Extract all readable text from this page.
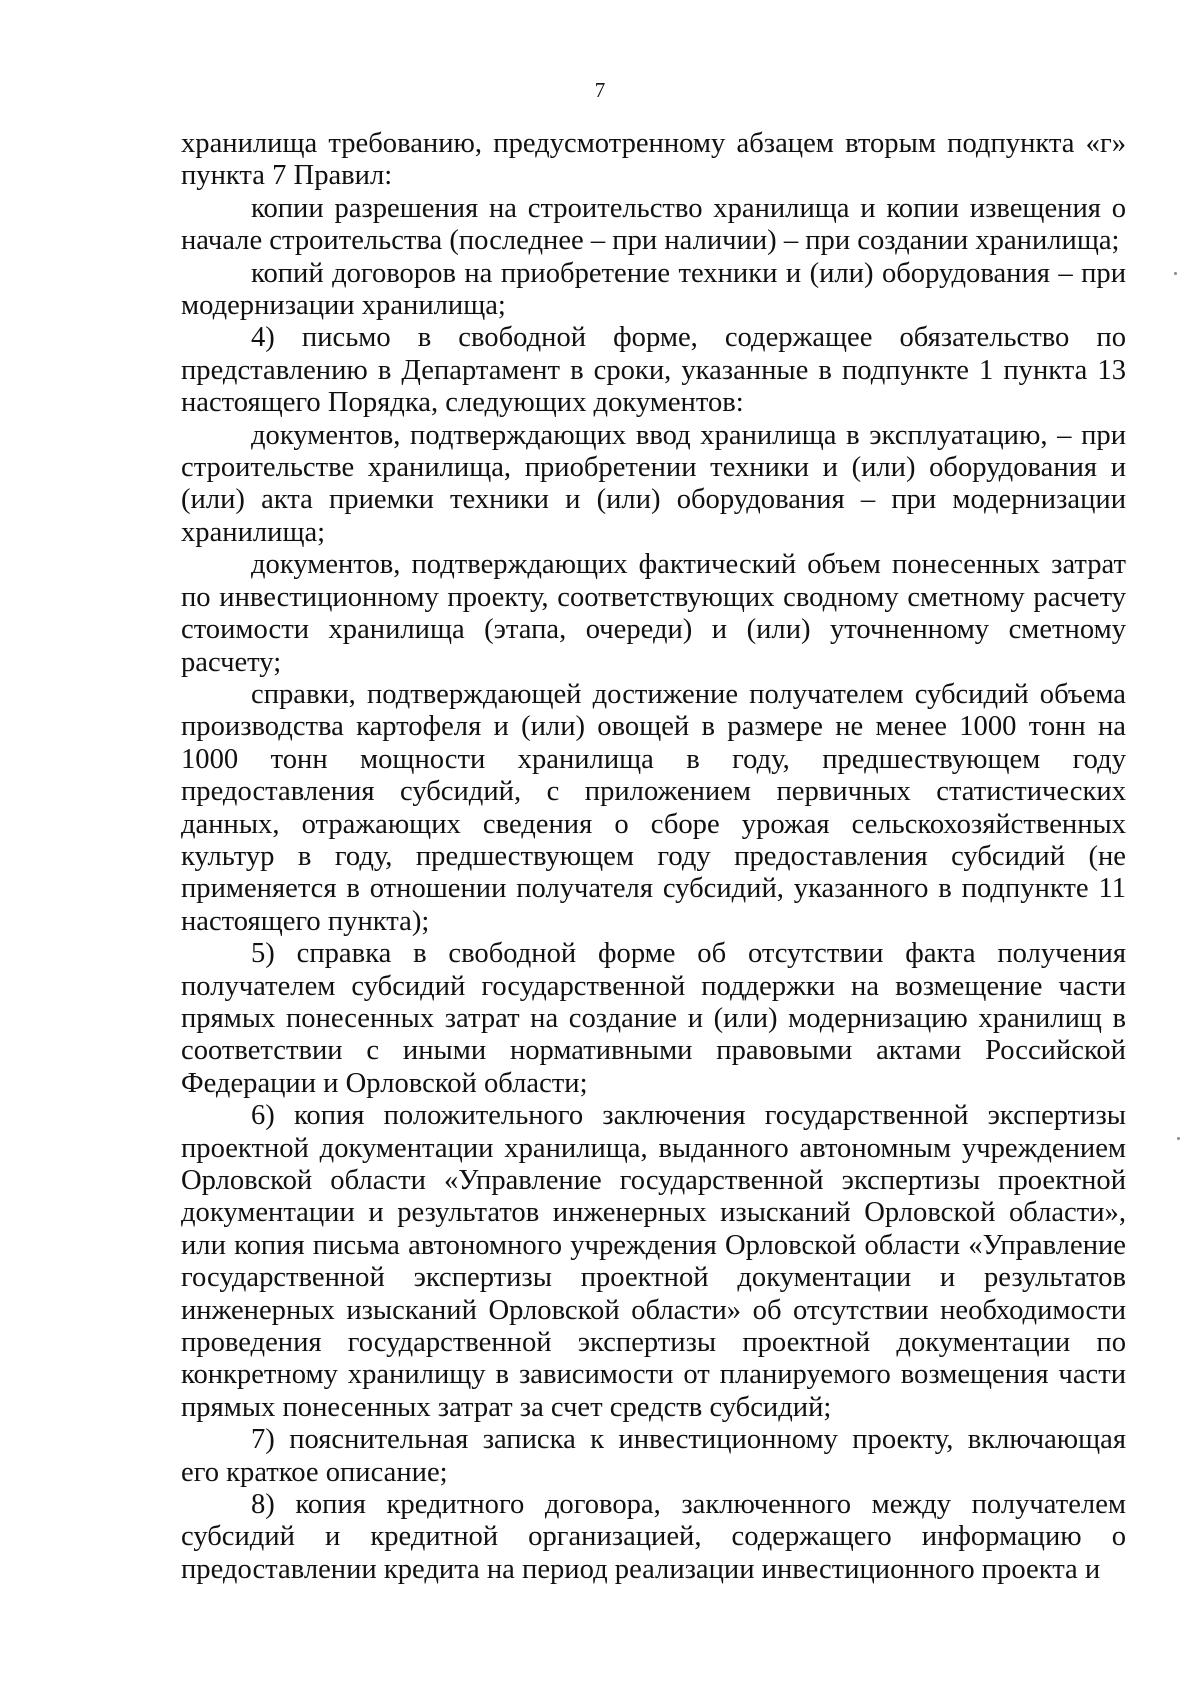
7

хранилища требованию, предусмотренному абзацем вторым подпункта «г» пункта 7 Правил:

копии разрешения на строительство хранилища и копии извещения о начале строительства (последнее – при наличии) – при создании хранилища;

копий договоров на приобретение техники и (или) оборудования – при модернизации хранилища;

4) письмо в свободной форме, содержащее обязательство по представлению в Департамент в сроки, указанные в подпункте 1 пункта 13 настоящего Порядка, следующих документов:

документов, подтверждающих ввод хранилища в эксплуатацию, – при строительстве хранилища, приобретении техники и (или) оборудования и (или) акта приемки техники и (или) оборудования – при модернизации хранилища;

документов, подтверждающих фактический объем понесенных затрат по инвестиционному проекту, соответствующих сводному сметному расчету стоимости хранилища (этапа, очереди) и (или) уточненному сметному расчету;

справки, подтверждающей достижение получателем субсидий объема производства картофеля и (или) овощей в размере не менее 1000 тонн на 1000 тонн мощности хранилища в году, предшествующем году предоставления субсидий, с приложением первичных статистических данных, отражающих сведения о сборе урожая сельскохозяйственных культур в году, предшествующем году предоставления субсидий (не применяется в отношении получателя субсидий, указанного в подпункте 11 настоящего пункта);

5) справка в свободной форме об отсутствии факта получения получателем субсидий государственной поддержки на возмещение части прямых понесенных затрат на создание и (или) модернизацию хранилищ в соответствии с иными нормативными правовыми актами Российской Федерации и Орловской области;

6) копия положительного заключения государственной экспертизы проектной документации хранилища, выданного автономным учреждением Орловской области «Управление государственной экспертизы проектной документации и результатов инженерных изысканий Орловской области», или копия письма автономного учреждения Орловской области «Управление государственной экспертизы проектной документации и результатов инженерных изысканий Орловской области» об отсутствии необходимости проведения государственной экспертизы проектной документации по конкретному хранилищу в зависимости от планируемого возмещения части прямых понесенных затрат за счет средств субсидий;

7) пояснительная записка к инвестиционному проекту, включающая его краткое описание;

8) копия кредитного договора, заключенного между получателем субсидий и кредитной организацией, содержащего информацию о предоставлении кредита на период реализации инвестиционного проекта и
